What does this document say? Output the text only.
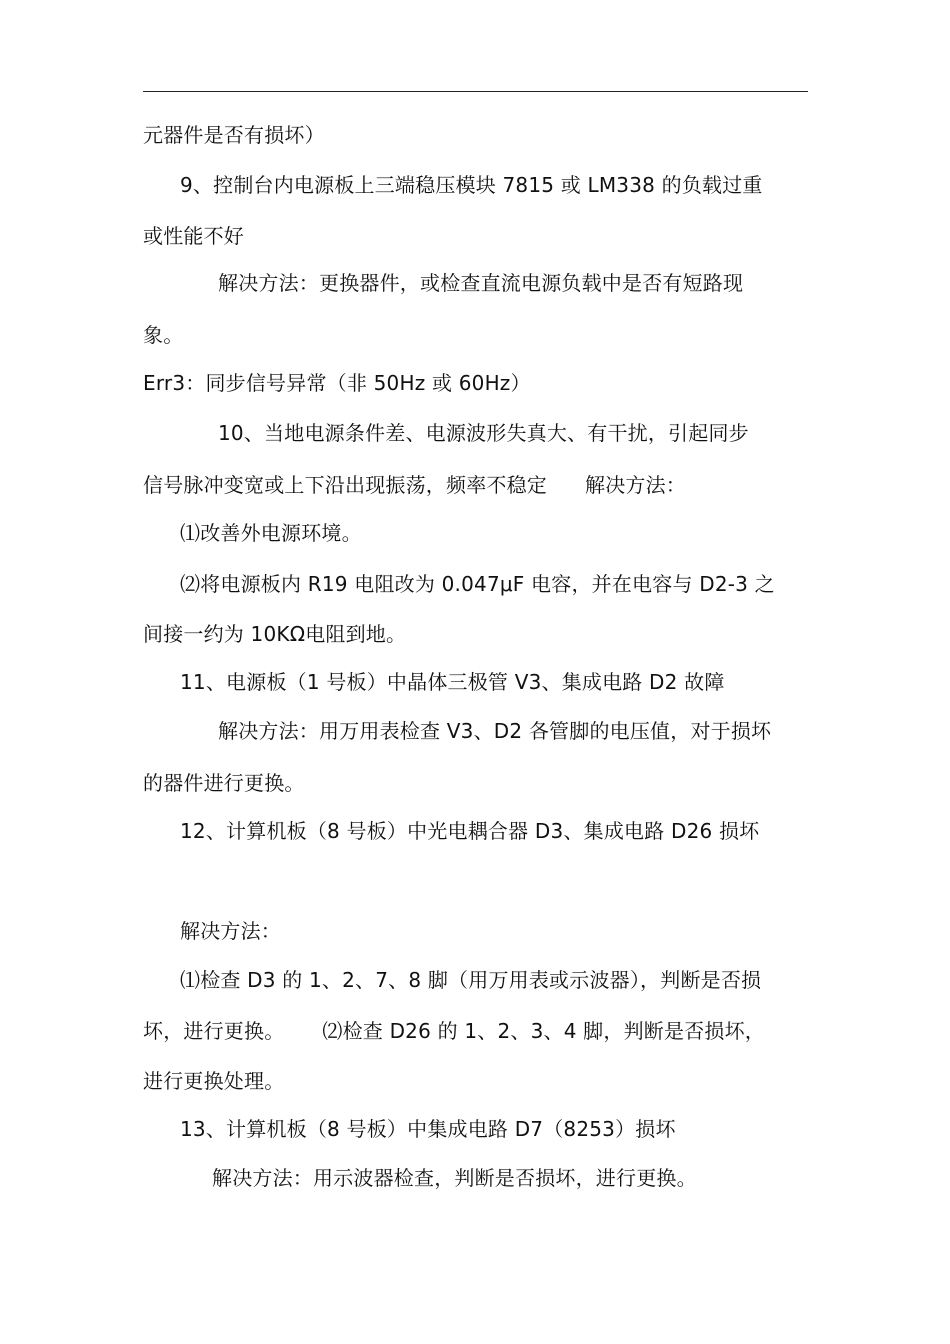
元器件是否有损坏）
9、控制台内电源板上三端稳压模块 7815 或 LM338 的负载过重
或性能不好
解决方法：更换器件，或检查直流电源负载中是否有短路现
象。
Err3：同步信号异常（非 50Hz 或 60Hz）
10、当地电源条件差、电源波形失真大、有干扰，引起同步
信号脉冲变宽或上下沿出现振荡，频率不稳定 解决方法：
⑴改善外电源环境。
⑵将电源板内 R19 电阻改为 0.047μF 电容，并在电容与 D2-3 之
间接一约为 10KΩ电阻到地。
11、电源板（1 号板）中晶体三极管 V3、集成电路 D2 故障
解决方法：用万用表检查 V3、D2 各管脚的电压值，对于损坏
的器件进行更换。
12、计算机板（8 号板）中光电耦合器 D3、集成电路 D26 损坏
解决方法：
⑴检查 D3 的 1、2、7、8 脚（用万用表或示波器），判断是否损
坏，进行更换。 ⑵检查 D26 的 1、2、3、4 脚，判断是否损坏，
进行更换处理。
13、计算机板（8 号板）中集成电路 D7（8253）损坏
解决方法：用示波器检查，判断是否损坏，进行更换。
